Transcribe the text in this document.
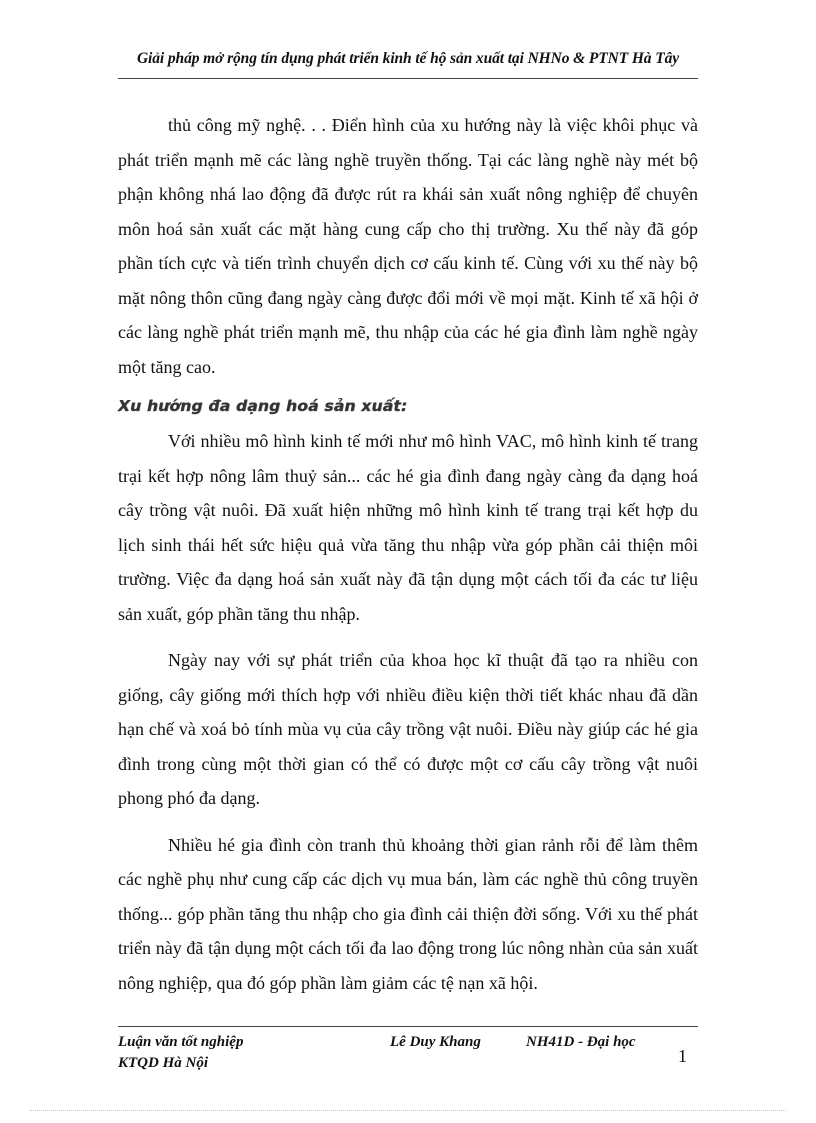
Giải pháp mở rộng tín dụng phát triển kinh tế hộ sản xuất tại NHNo & PTNT Hà Tây

thủ công mỹ nghệ. . . Điển hình của xu hướng này là việc khôi phục và phát triển mạnh mẽ các làng nghề truyền thống. Tại các làng nghề này mét bộ phận không nhá lao động đã được rút ra khái sản xuất nông nghiệp để chuyên môn hoá sản xuất các mặt hàng cung cấp cho thị trường. Xu thế này đã góp phần tích cực và tiến trình chuyển dịch cơ cấu kinh tế. Cùng với xu thế này bộ mặt nông thôn cũng đang ngày càng được đổi mới về mọi mặt. Kinh tế xã hội ở các làng nghề phát triển mạnh mẽ, thu nhập của các hé gia đình làm nghề ngày một tăng cao.

Xu hướng đa dạng hoá sản xuất:

Với nhiều mô hình kinh tế mới như mô hình VAC, mô hình kinh tế trang trại kết hợp nông lâm thuỷ sản... các hé gia đình đang ngày càng đa dạng hoá cây trồng vật nuôi. Đã xuất hiện những mô hình kinh tế trang trại kết hợp du lịch sinh thái hết sức hiệu quả vừa tăng thu nhập vừa góp phần cải thiện môi trường. Việc đa dạng hoá sản xuất này đã tận dụng một cách tối đa các tư liệu sản xuất, góp phần tăng thu nhập.

Ngày nay với sự phát triển của khoa học kĩ thuật đã tạo ra nhiều con giống, cây giống mới thích hợp với nhiều điều kiện thời tiết khác nhau đã dần hạn chế và xoá bỏ tính mùa vụ của cây trồng vật nuôi. Điều này giúp các hé gia đình trong cùng một thời gian có thể có được một cơ cấu cây trồng vật nuôi phong phó đa dạng.

Nhiều hé gia đình còn tranh thủ khoảng thời gian rảnh rỗi để làm thêm các nghề phụ như cung cấp các dịch vụ mua bán, làm các nghề thủ công truyền thống... góp phần tăng thu nhập cho gia đình cải thiện đời sống. Với xu thế phát triển này đã tận dụng một cách tối đa lao động trong lúc nông nhàn của sản xuất nông nghiệp, qua đó góp phần làm giảm các tệ nạn xã hội.

Luận văn tốt nghiệp
KTQD Hà Nội
Lê Duy Khang	NH41D - Đại học
1
